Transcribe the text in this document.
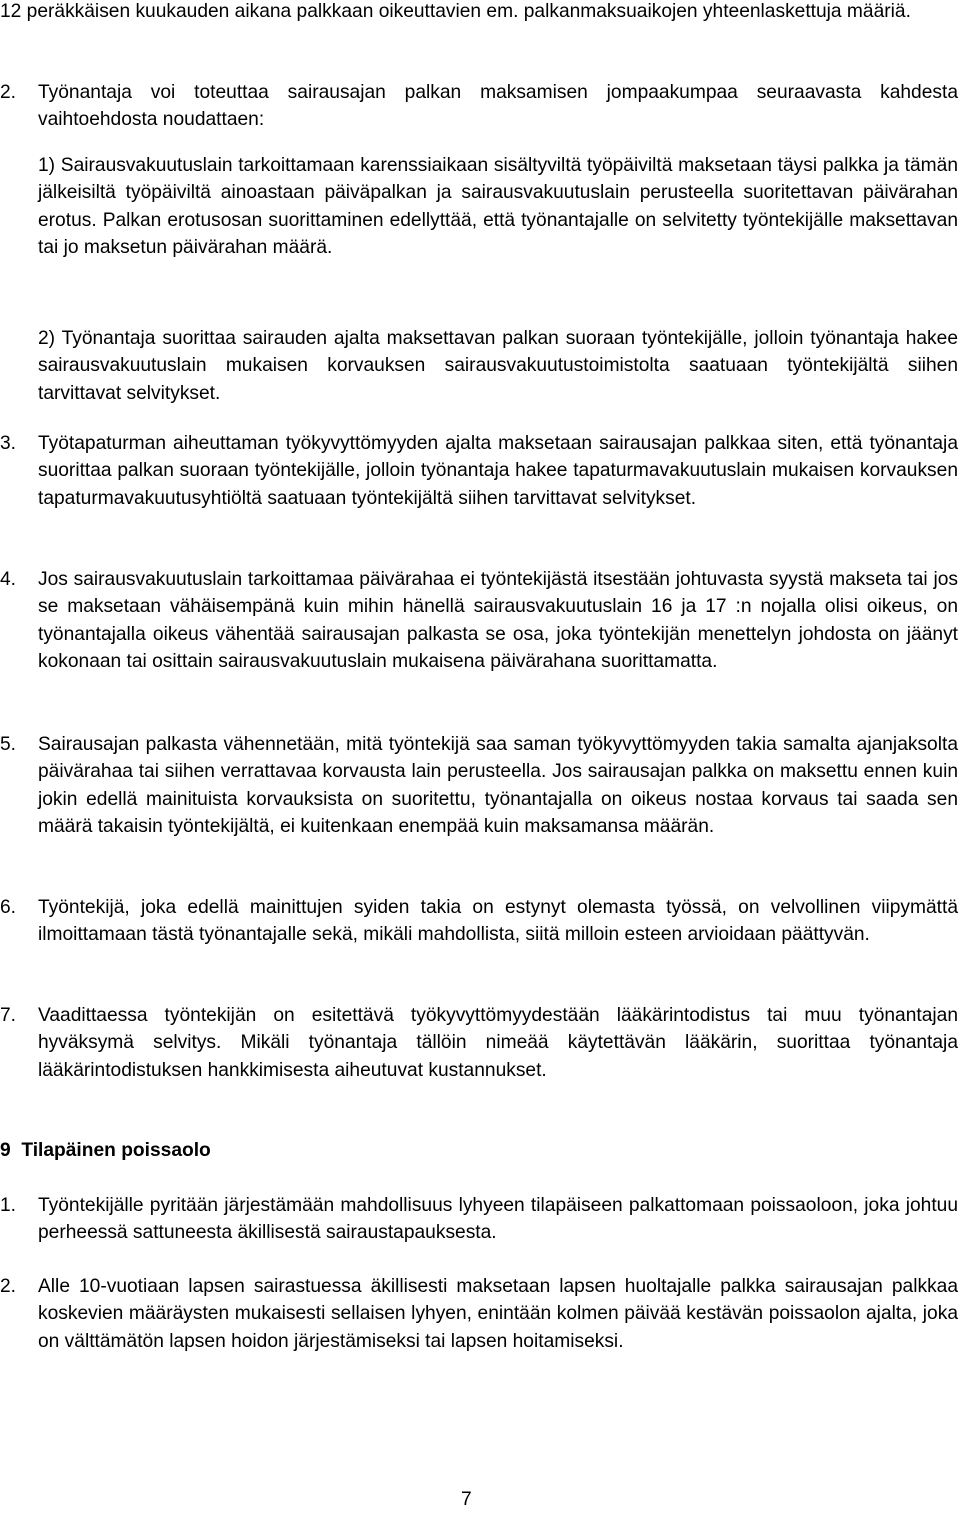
12 peräkkäisen kuukauden aikana palkkaan oikeuttavien em. palkanmaksuaikojen yhteenlaskettuja määriä.

2. Työnantaja voi toteuttaa sairausajan palkan maksamisen jompaakumpaa seuraavasta kahdesta vaihtoehdosta noudattaen:

1) Sairausvakuutuslain tarkoittamaan karenssiaikaan sisältyviltä työpäiviltä maksetaan täysi palkka ja tämän jälkeisiltä työpäiviltä ainoastaan päiväpalkan ja sairausvakuutuslain perusteella suoritettavan päivärahan erotus. Palkan erotusosan suorittaminen edellyttää, että työnantajalle on selvitetty työntekijälle maksettavan tai jo maksetun päivärahan määrä.

2) Työnantaja suorittaa sairauden ajalta maksettavan palkan suoraan työntekijälle, jolloin työnantaja hakee sairausvakuutuslain mukaisen korvauksen sairausvakuutustoimistolta saatuaan työntekijältä siihen tarvittavat selvitykset.

3. Työtapaturman aiheuttaman työkyvyttömyyden ajalta maksetaan sairausajan palkkaa siten, että työnantaja suorittaa palkan suoraan työntekijälle, jolloin työnantaja hakee tapaturmavakuutuslain mukaisen korvauksen tapaturmavakuutusyhtiöltä saatuaan työntekijältä siihen tarvittavat selvitykset.

4. Jos sairausvakuutuslain tarkoittamaa päivärahaa ei työntekijästä itsestään johtuvasta syystä makseta tai jos se maksetaan vähäisempänä kuin mihin hänellä sairausvakuutuslain 16 ja 17 :n nojalla olisi oikeus, on työnantajalla oikeus vähentää sairausajan palkasta se osa, joka työntekijän menettelyn johdosta on jäänyt kokonaan tai osittain sairausvakuutuslain mukaisena päivärahana suorittamatta.

5. Sairausajan palkasta vähennetään, mitä työntekijä saa saman työkyvyttömyyden takia samalta ajanjaksolta päivärahaa tai siihen verrattavaa korvausta lain perusteella. Jos sairausajan palkka on maksettu ennen kuin jokin edellä mainituista korvauksista on suoritettu, työnantajalla on oikeus nostaa korvaus tai saada sen määrä takaisin työntekijältä, ei kuitenkaan enempää kuin maksamansa määrän.

6. Työntekijä, joka edellä mainittujen syiden takia on estynyt olemasta työssä, on velvollinen viipymättä ilmoittamaan tästä työnantajalle sekä, mikäli mahdollista, siitä milloin esteen arvioidaan päättyvän.

7. Vaadittaessa työntekijän on esitettävä työkyvyttömyydestään lääkärintodistus tai muu työnantajan hyväksymä selvitys. Mikäli työnantaja tällöin nimeää käytettävän lääkärin, suorittaa työnantaja lääkärintodistuksen hankkimisesta aiheutuvat kustannukset.

9  Tilapäinen poissaolo

1. Työntekijälle pyritään järjestämään mahdollisuus lyhyeen tilapäiseen palkattomaan poissaoloon, joka johtuu perheessä sattuneesta äkillisestä sairaustapauksesta.

2. Alle 10-vuotiaan lapsen sairastuessa äkillisesti maksetaan lapsen huoltajalle palkka sairausajan palkkaa koskevien määräysten mukaisesti sellaisen lyhyen, enintään kolmen päivää kestävän poissaolon ajalta, joka on välttämätön lapsen hoidon järjestämiseksi tai lapsen hoitamiseksi.

7
